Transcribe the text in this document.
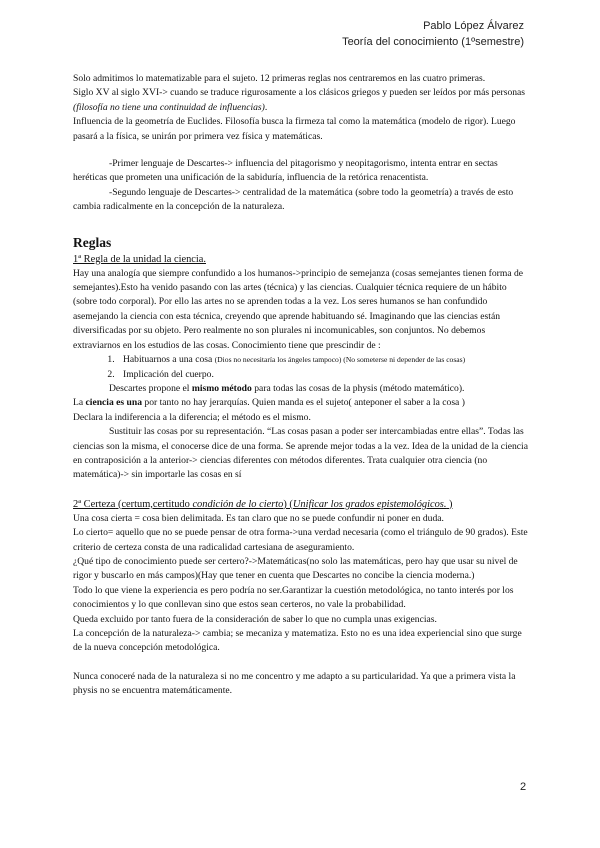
Pablo López Álvarez
Teoría del conocimiento (1ºsemestre)

Solo admitimos lo matematizable para el sujeto. 12 primeras reglas nos centraremos en las cuatro primeras.

Siglo XV al siglo XVI-> cuando se traduce rigurosamente a los clásicos griegos y pueden ser leídos por más personas (filosofía no tiene una continuidad de influencias).

Influencia de la geometría de Euclides. Filosofía busca la firmeza tal como la matemática (modelo de rigor). Luego pasará a la física, se unirán por primera vez física y matemáticas.

-Primer lenguaje de Descartes-> influencia del pitagorismo y neopitagorismo, intenta entrar en sectas heréticas que prometen una unificación de la sabiduría, influencia de la retórica renacentista.

-Segundo lenguaje de Descartes-> centralidad de la matemática (sobre todo la geometría) a través de esto cambia radicalmente en la concepción de la naturaleza.

Reglas
1ª Regla de la unidad la ciencia.

Hay una analogía que siempre confundido a los humanos->principio de semejanza (cosas semejantes tienen forma de semejantes).Esto ha venido pasando con las artes (técnica) y las ciencias. Cualquier técnica requiere de un hábito (sobre todo corporal). Por ello las artes no se aprenden todas a la vez. Los seres humanos se han confundido asemejando la ciencia con esta técnica, creyendo que aprende habituando sé. Imaginando que las ciencias están diversificadas por su objeto. Pero realmente no son plurales ni incomunicables, son conjuntos. No debemos extraviarnos en los estudios de las cosas. Conocimiento tiene que prescindir de :

1. Habituarnos a una cosa (Dios no necesitaría los ángeles tampoco) (No someterse ni depender de las cosas)
2. Implicación del cuerpo.

Descartes propone el mismo método para todas las cosas de la physis (método matemático).

La ciencia es una por tanto no hay jerarquías. Quien manda es el sujeto( anteponer el saber a la cosa )

Declara la indiferencia a la diferencia; el método es el mismo.

Sustituir las cosas por su representación. “Las cosas pasan a poder ser intercambiadas entre ellas”. Todas las ciencias son la misma, el conocerse dice de una forma. Se aprende mejor todas a la vez. Idea de la unidad de la ciencia en contraposición a la anterior-> ciencias diferentes con métodos diferentes. Trata cualquier otra ciencia (no matemática)-> sin importarle las cosas en sí

2ª Certeza (certum,certitudo condición de lo cierto) (Unificar los grados epistemológicos. )

Una cosa cierta = cosa bien delimitada. Es tan claro que no se puede confundir ni poner en duda.

Lo cierto= aquello que no se puede pensar de otra forma->una verdad necesaria (como el triángulo de 90 grados). Este criterio de certeza consta de una radicalidad cartesiana de aseguramiento.

¿Qué tipo de conocimiento puede ser certero?->Matemáticas(no solo las matemáticas, pero hay que usar su nivel de rigor y buscarlo en más campos)(Hay que tener en cuenta que Descartes no concibe la ciencia moderna.)

Todo lo que viene la experiencia es pero podría no ser.Garantizar la cuestión metodológica, no tanto interés por los conocimientos y lo que conllevan sino que estos sean certeros, no vale la probabilidad.

Queda excluido por tanto fuera de la consideración de saber lo que no cumpla unas exigencias.

La concepción de la naturaleza-> cambia; se mecaniza y matematiza. Esto no es una idea experiencial sino que surge de la nueva concepción metodológica.

Nunca conoceré nada de la naturaleza si no me concentro y me adapto a su particularidad. Ya que a primera vista la physis no se encuentra matemáticamente.

2
